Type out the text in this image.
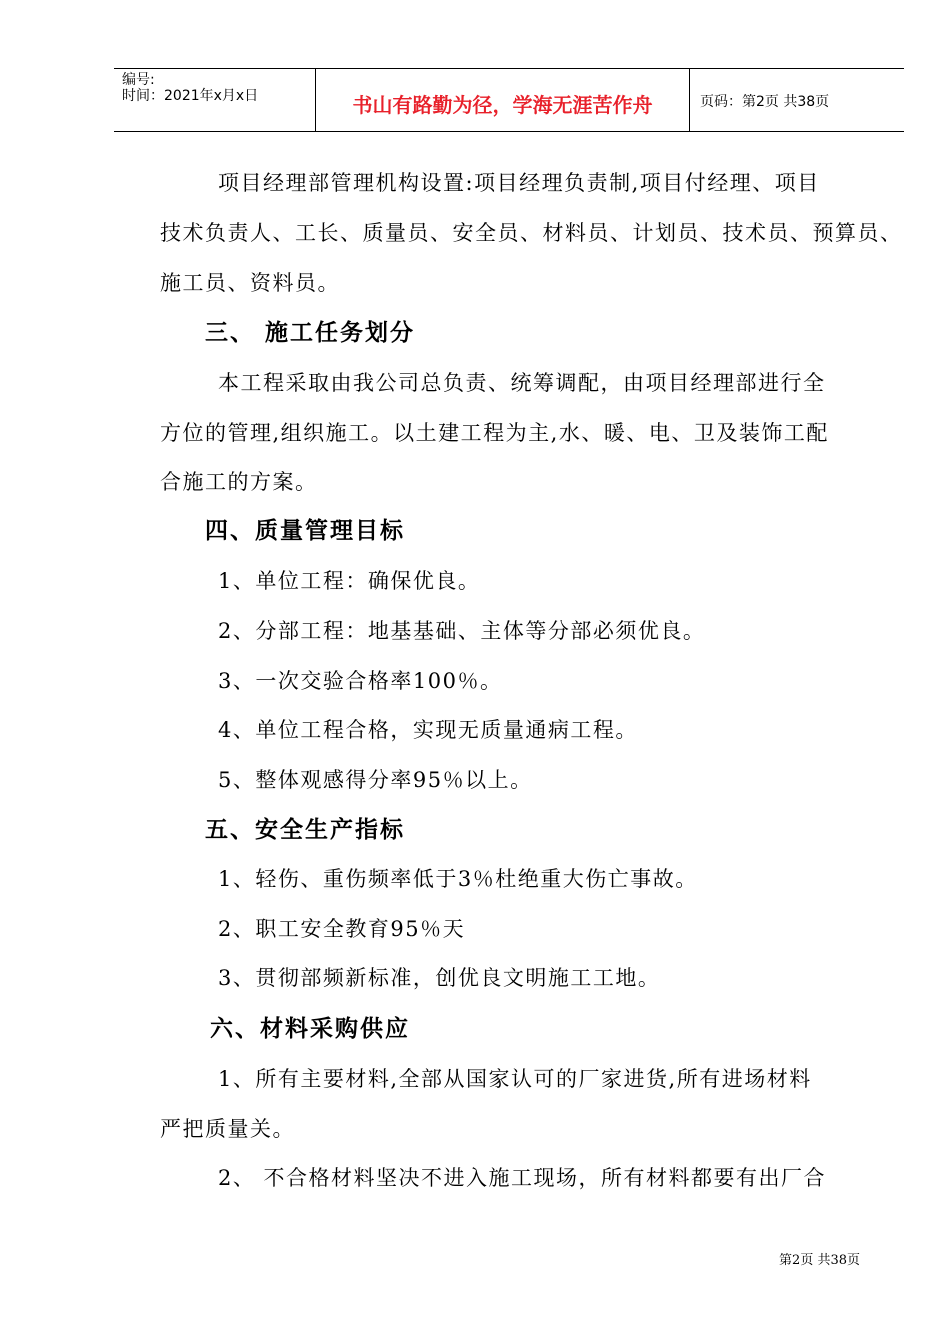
编号:
时间：2021年x月x日	书山有路勤为径，学海无涯苦作舟	页码：第2页 共38页
项目经理部管理机构设置:项目经理负责制,项目付经理、项目
技术负责人、工长、质量员、安全员、材料员、计划员、技术员、预算员、
施工员、资料员。
三、 施工任务划分
本工程采取由我公司总负责、统筹调配，由项目经理部进行全
方位的管理,组织施工。以土建工程为主,水、暖、电、卫及装饰工配
合施工的方案。
四、质量管理目标
1、单位工程：确保优良。
2、分部工程：地基基础、主体等分部必须优良。
3、一次交验合格率100％。
4、单位工程合格，实现无质量通病工程。
5、整体观感得分率95％以上。
五、安全生产指标
1、轻伤、重伤频率低于3％杜绝重大伤亡事故。
2、职工安全教育95％天
3、贯彻部频新标准，创优良文明施工工地。
六、材料采购供应
1、所有主要材料,全部从国家认可的厂家进货,所有进场材料
严把质量关。
2、 不合格材料坚决不进入施工现场，所有材料都要有出厂合
第2页 共38页
